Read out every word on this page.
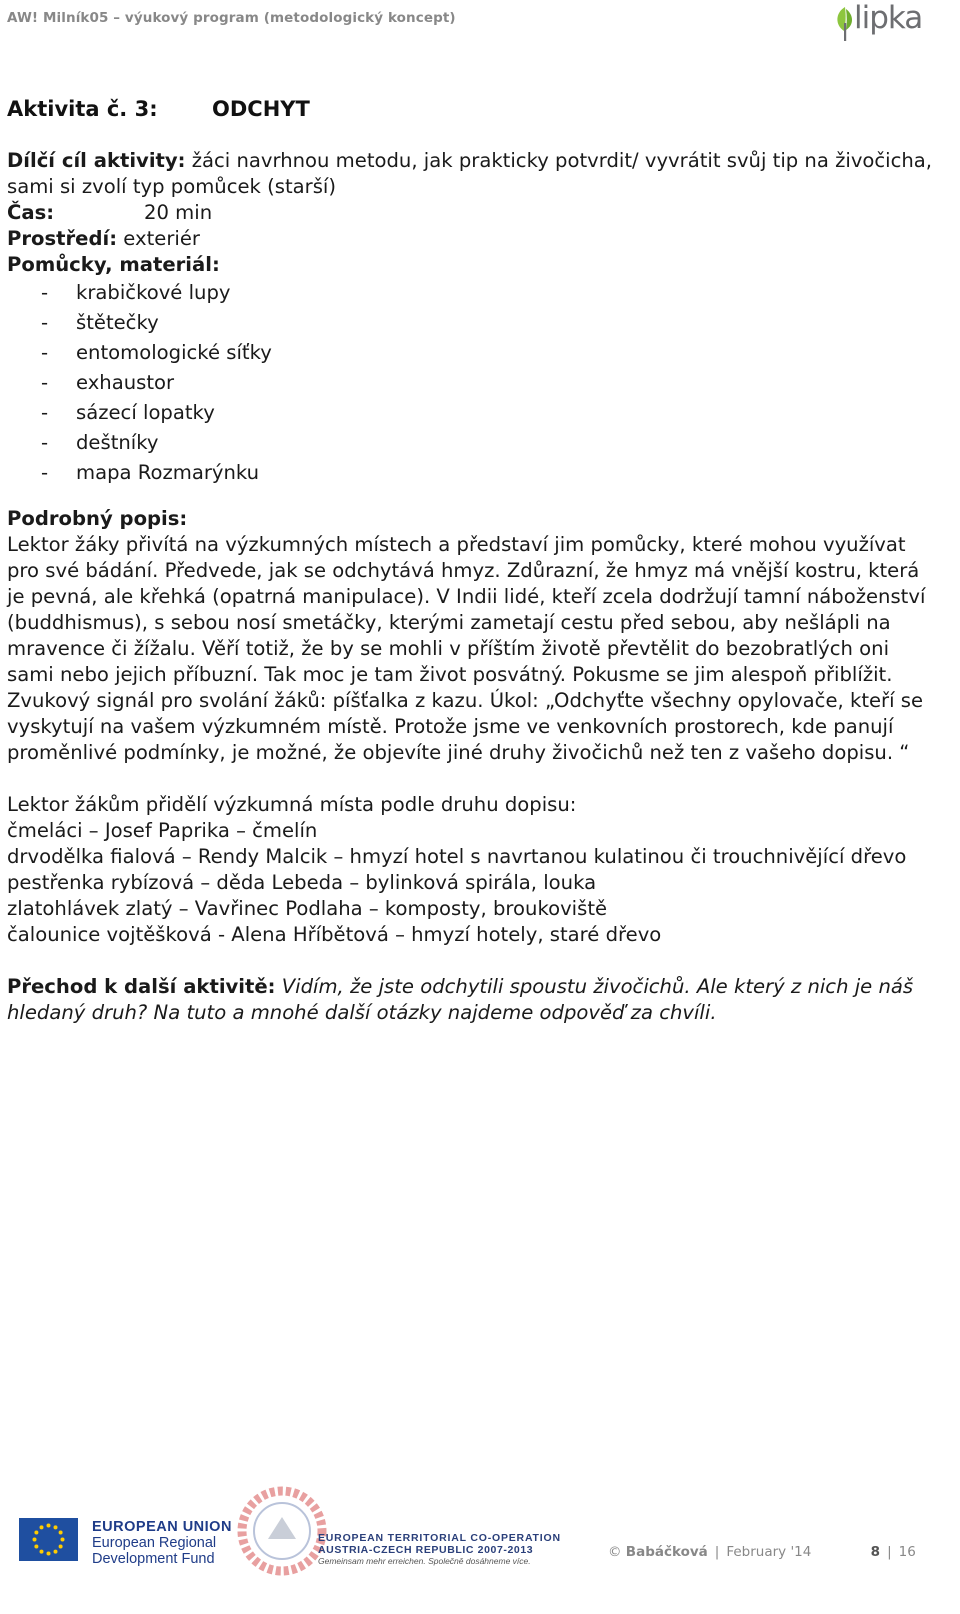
AW! Milník05 – výukový program (metodologický koncept)	lipka
Aktivita č. 3:	ODCHYT

Dílčí cíl aktivity: žáci navrhnou metodu, jak prakticky potvrdit/ vyvrátit svůj tip na živočicha, sami si zvolí typ pomůcek (starší)

Čas:	20 min

Prostředí: exteriér

Pomůcky, materiál:

- krabičkové lupy
- štětečky
- entomologické síťky
- exhaustor
- sázecí lopatky
- deštníky
- mapa Rozmarýnku

Podrobný popis:

Lektor žáky přivítá na výzkumných místech a představí jim pomůcky, které mohou využívat pro své bádání. Předvede, jak se odchytává hmyz. Zdůrazní, že hmyz má vnější kostru, která je pevná, ale křehká (opatrná manipulace). V Indii lidé, kteří zcela dodržují tamní náboženství (buddhismus), s sebou nosí smetáčky, kterými zametají cestu před sebou, aby nešlápli na mravence či žížalu. Věří totiž, že by se mohli v příštím životě převtělit do bezobratlých oni sami nebo jejich příbuzní. Tak moc je tam život posvátný. Pokusme se jim alespoň přiblížit. Zvukový signál pro svolání žáků: píšťalka z kazu. Úkol: „Odchyťte všechny opylovače, kteří se vyskytují na vašem výzkumném místě. Protože jsme ve venkovních prostorech, kde panují proměnlivé podmínky, je možné, že objevíte jiné druhy živočichů než ten z vašeho dopisu. “

Lektor žákům přidělí výzkumná místa podle druhu dopisu:

čmeláci – Josef Paprika – čmelín

drvodělka fialová – Rendy Malcik – hmyzí hotel s navrtanou kulatinou či trouchnivějící dřevo

pestřenka rybízová – děda Lebeda – bylinková spirála, louka

zlatohlávek zlatý – Vavřinec Podlaha – komposty, broukoviště

čalounice vojtěšková - Alena Hříbětová – hmyzí hotely, staré dřevo

Přechod k další aktivitě: Vidím, že jste odchytili spoustu živočichů. Ale který z nich je náš hledaný druh? Na tuto a mnohé další otázky najdeme odpověď za chvíli.

EUROPEAN UNION
European Regional
Development Fund
EUROPEAN TERRITORIAL CO-OPERATION
AUSTRIA-CZECH REPUBLIC 2007-2013
Gemeinsam mehr erreichen. Společně dosáhneme více.
© Babáčková | February '14	8 | 16
